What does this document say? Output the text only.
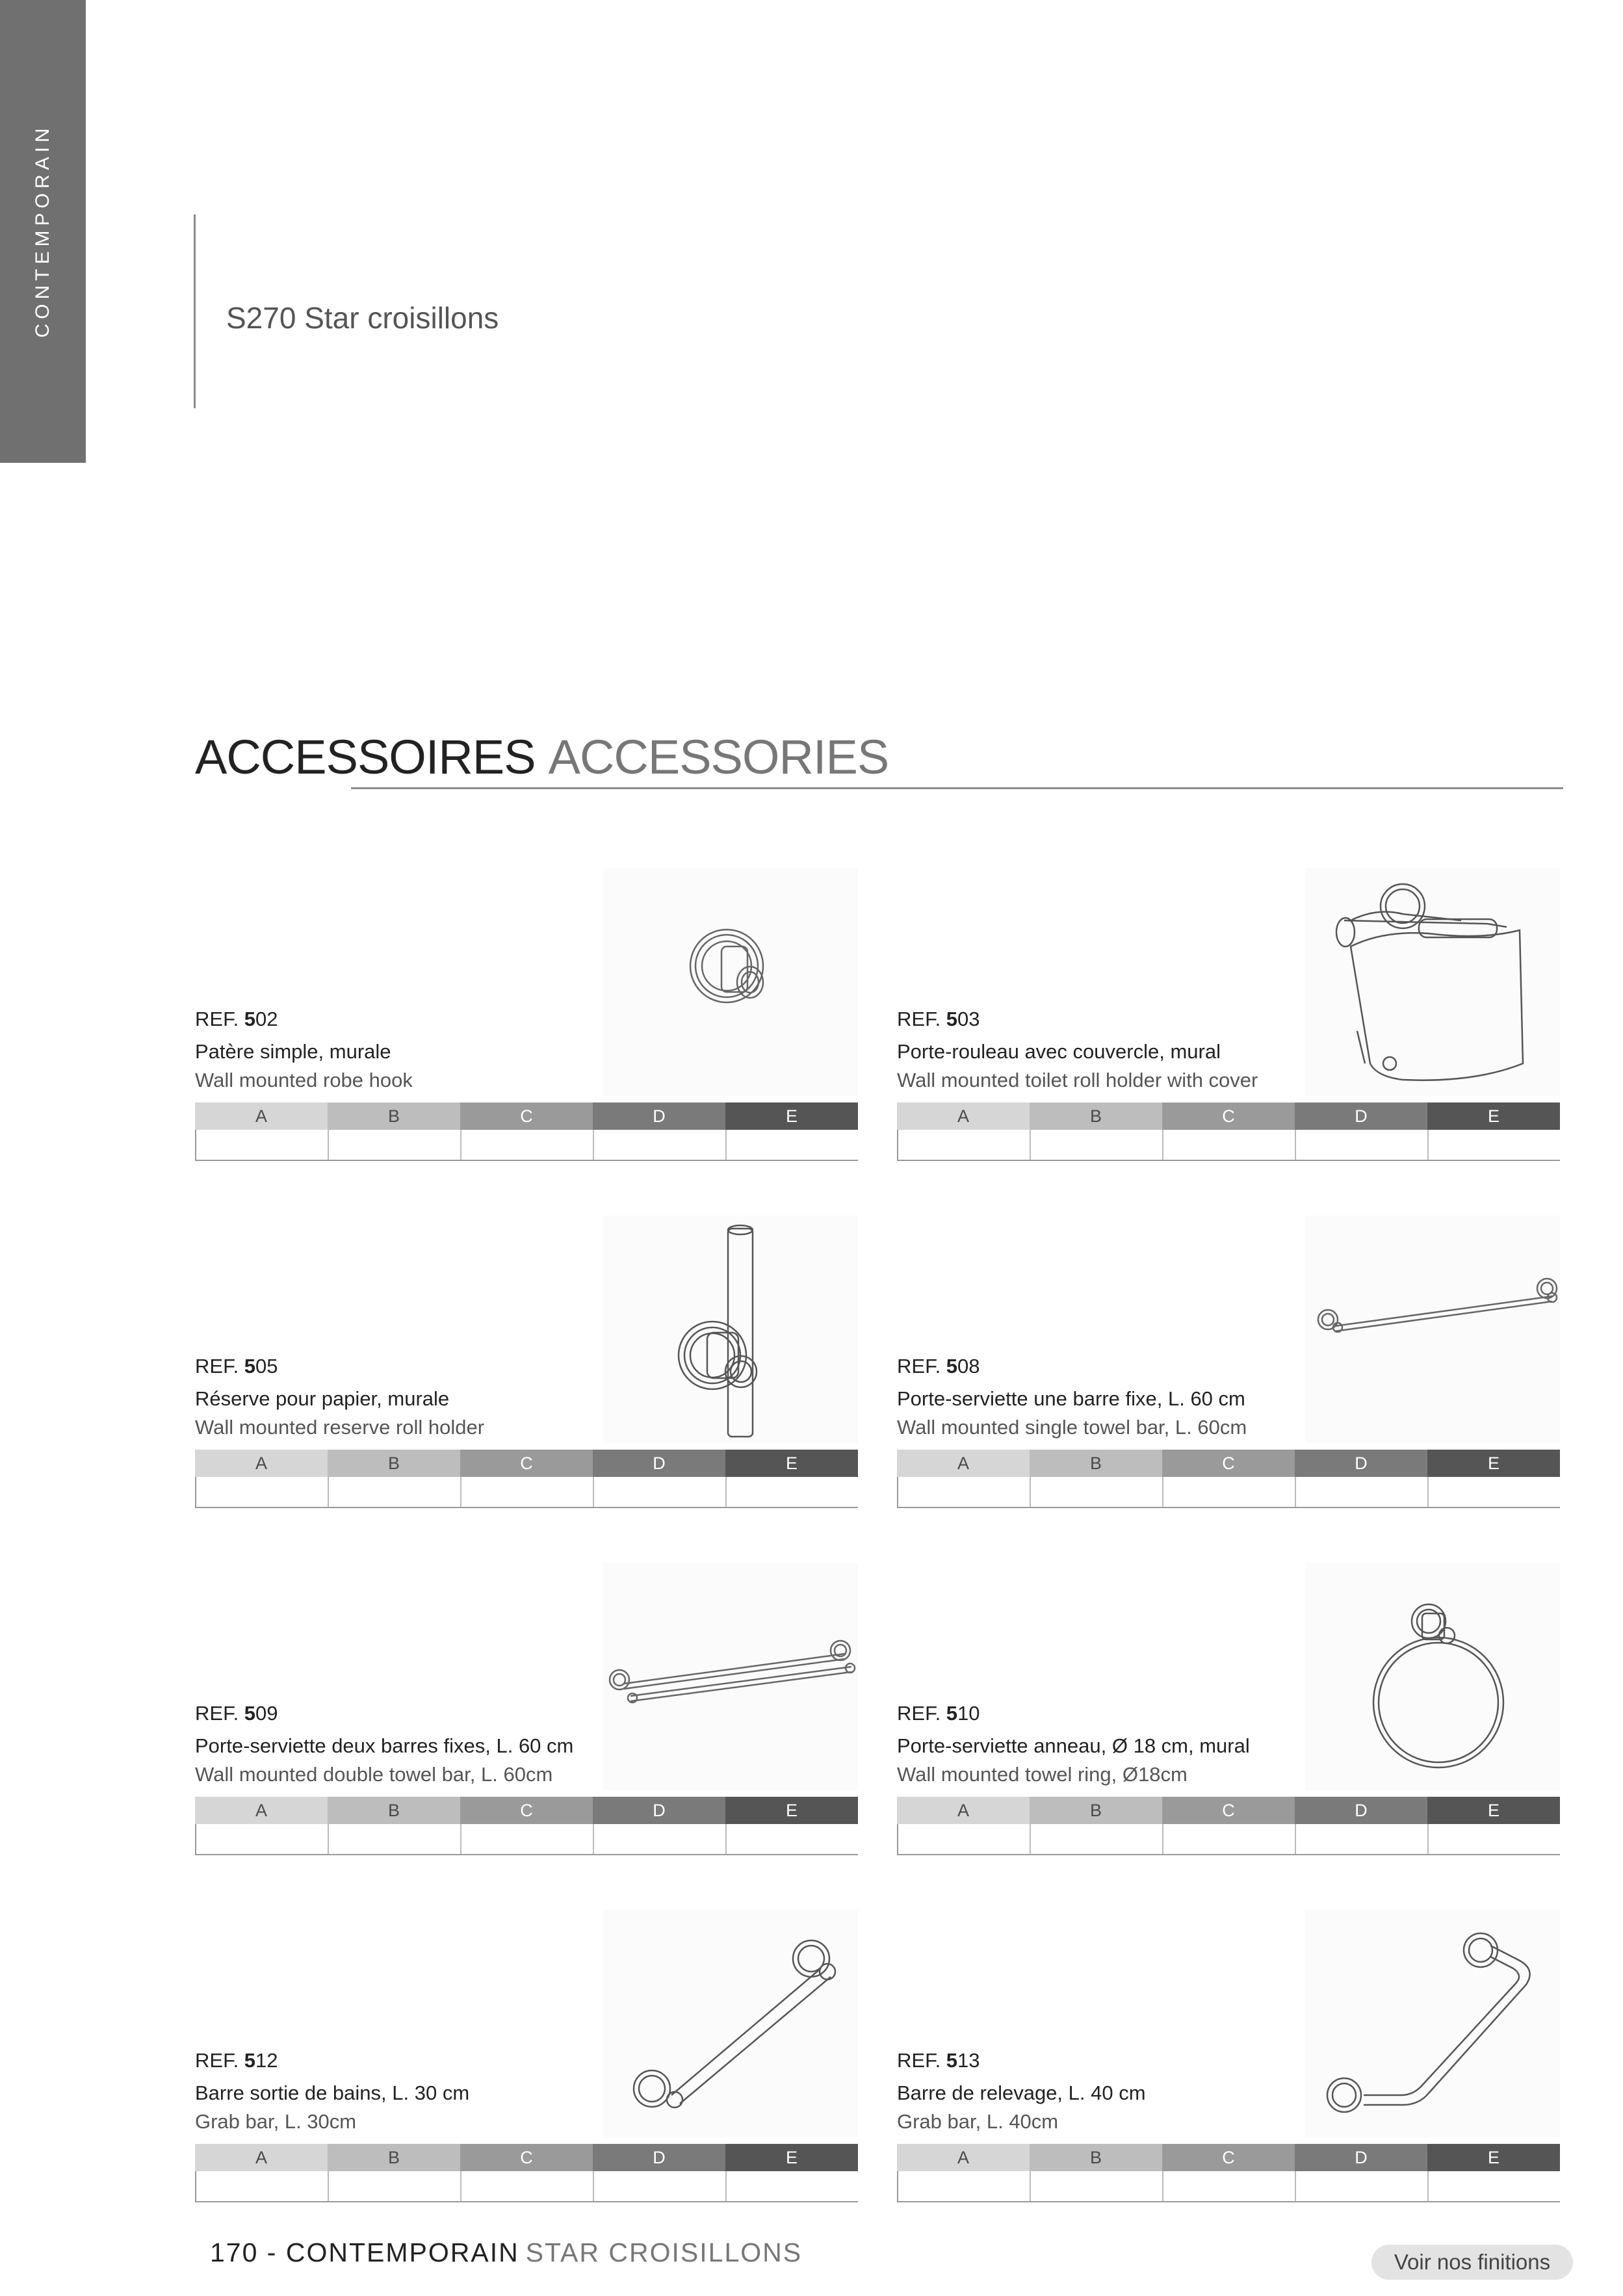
CONTEMPORAIN	S270 Star croisillons
ACCESSOIRES ACCESSORIES
REF. 502
Patère simple, murale
Wall mounted robe hook
A	B	C	D	E
REF. 503
Porte-rouleau avec couvercle, mural
Wall mounted toilet roll holder with cover
A	B	C	D	E
REF. 505
Réserve pour papier, murale
Wall mounted reserve roll holder
A	B	C	D	E
REF. 508
Porte-serviette une barre fixe, L. 60 cm
Wall mounted single towel bar, L. 60cm
A	B	C	D	E
REF. 509
Porte-serviette deux barres fixes, L. 60 cm
Wall mounted double towel bar, L. 60cm
A	B	C	D	E
REF. 510
Porte-serviette anneau, Ø 18 cm, mural
Wall mounted towel ring, Ø18cm
A	B	C	D	E
REF. 512
Barre sortie de bains, L. 30 cm
Grab bar, L. 30cm
A	B	C	D	E
REF. 513
Barre de relevage, L. 40 cm
Grab bar, L. 40cm
A	B	C	D	E
170 - CONTEMPORAIN STAR CROISILLONS	Voir nos finitions
